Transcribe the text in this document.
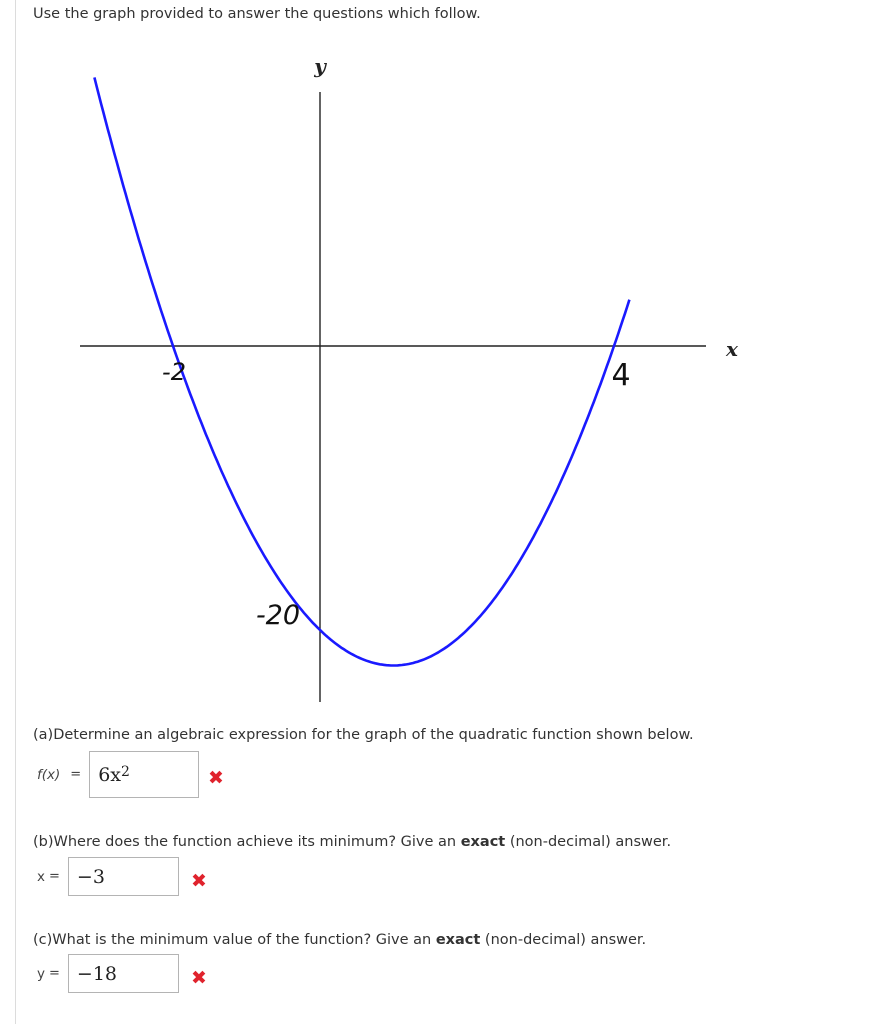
Use the graph provided to answer the questions which follow.
y
x
-2	4
-20
(a)Determine an algebraic expression for the graph of the quadratic function shown below.
$f(x) = 6x^2$	✖
(b)Where does the function achieve its minimum? Give an exact (non-decimal) answer.
x = −3	✖
(c)What is the minimum value of the function? Give an exact (non-decimal) answer.
y = −18	✖
